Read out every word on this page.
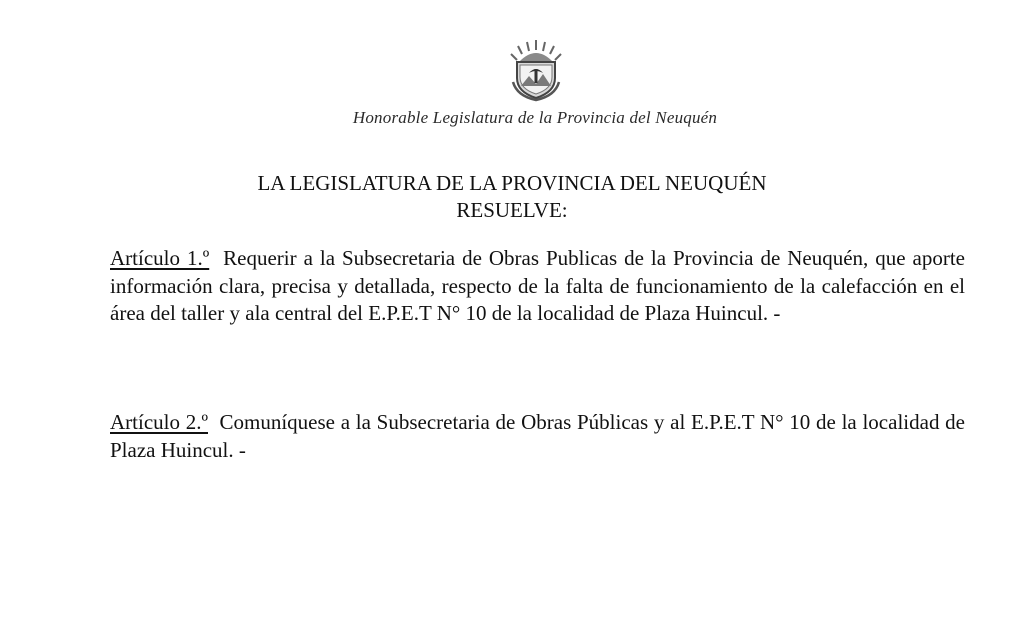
Honorable Legislatura de la Provincia del Neuquén
LA LEGISLATURA DE LA PROVINCIA DEL NEUQUÉN
RESUELVE:

Artículo 1.º Requerir a la Subsecretaria de Obras Publicas de la Provincia de Neuquén, que aporte información clara, precisa y detallada, respecto de la falta de funcionamiento de la calefacción en el área del taller y ala central del E.P.E.T N° 10 de la localidad de Plaza Huincul. -

Artículo 2.º Comuníquese a la Subsecretaria de Obras Públicas y al E.P.E.T N° 10 de la localidad de Plaza Huincul. -
